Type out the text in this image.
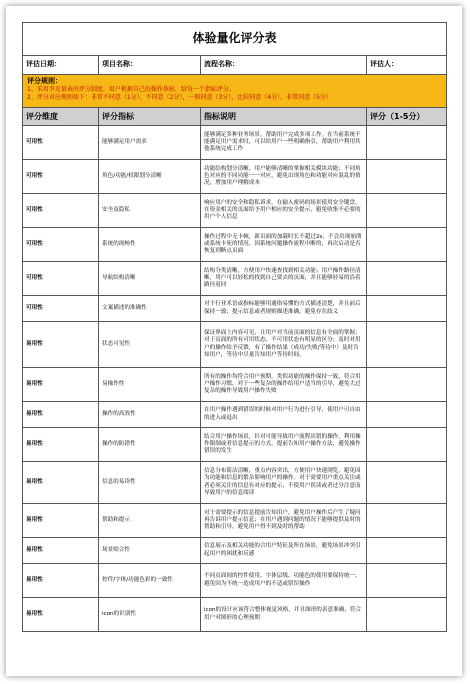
体验量化评分表			
评估日期：	项目名称：	流程名称：	评估人：

评分规则：
1、采用李克量表的评分制度，用户根据自己的操作体验，给每一个指标评分。
2、评分对应规则如下：非常不同意（1分），不同意（2分），一般同意（3分），比较同意（4分），非常同意（5分）			

评分维度	评分指标	指标说明	评分（1-5分）
可用性	能够满足用户需求	能够满足多种业务场景，帮助用户完成多项工作。在当前系统不能满足用户需求时，可以给用户一些明确指引，帮助用户利用其他系统完成工作	
可用性	角色/功能/权限划分清晰	功能结构划分清晰，用户能够清晰的掌握相关模块功能；不同角色对应的不同功能一一对应，避免出现角色和功能对应混乱的情况，增加用户理解成本	
可用性	安全及隐私	响应用户的安全和隐私诉求，在输入密码的场景使用安全键盘，在资金相关的页面给予用户相应的安全提示，避免收集不必要的用户个人信息	
可用性	系统的流畅性	操作过程中无卡顿，新页面的加载时长不超过2s，不会出现崩溃或系统卡死的情况。因系统问题操作流程中断的，再次启动是否恢复到断点页面	
可用性	导航结构清晰	结构分类清晰，方便用户快速查找到相关功能；用户操作路径清晰，用户可以轻松的找到自己要去的页面，并且能够轻易的沿着路径返回	
可用性	文案描述的准确性	对于行业术语或指标能够用通俗易懂的方式描述清楚，并且前后保持一致；提示信息或者规则描述准确，避免存在歧义	
易用性	状态可见性	保证界面上内容可见，让用户对当前页面的信息有全面的掌握；对于页面的所有可用状态、不可用状态有明显的区分；及时对用户的操作给予反馈，有了操作结果（成功/失败/等待中）及时告知用户，等待中尽量告知用户等待时间。	
易用性	易操作性	所有的操作均符合用户预期，类似功能的操作保持一致，符合用户操作习惯，对于一些复杂的操作给用户适当的引导，避免大过复杂的操作导致用户操作失败	
易用性	操作的高效性	在用户操作遇到错误的时候对用户行为进行引导，使用户可自由的进入或退出	
易用性	操作的防错性	结合用户操作场景，针对可能导致用户流程出错的操作，利用操作限制或者信息提示的方式，提前告知用户操作方法，避免操作错误的发生	
易用性	信息的易读性	信息分布简洁清晰，重点内容突出，方便用户快速浏览，避免因为功能和信息的繁杂影响用户的操作。对于需要用户重点关注或者必须关注的信息有对应的提示，不使用户误读或者过分注意而导致用户的信息阅读	
易用性	帮助和提示	对于需要提示的信息提前告知用户，避免用户操作后产生了疑问再告诉用户提示信息；在用户遇到问题的情况下能够提供及时的帮助和引导，避免用户得不到及时的帮助	
易用性	场景贴合性	信息展示及相关功能的合用户特征及所在场景，避免场景冲突引起用户的困扰和反感	
易用性	控件/字体/功能色彩的一致性	不同页面间的控件使用、字体层级、功能色的使用要保持统一，避免因为不统一造成用户的不适或错误操作	
易用性	icon的识别性	icon的设计应该符合整体视觉风格，并且图形的表意准确，符合用户对图形的心理预期	
